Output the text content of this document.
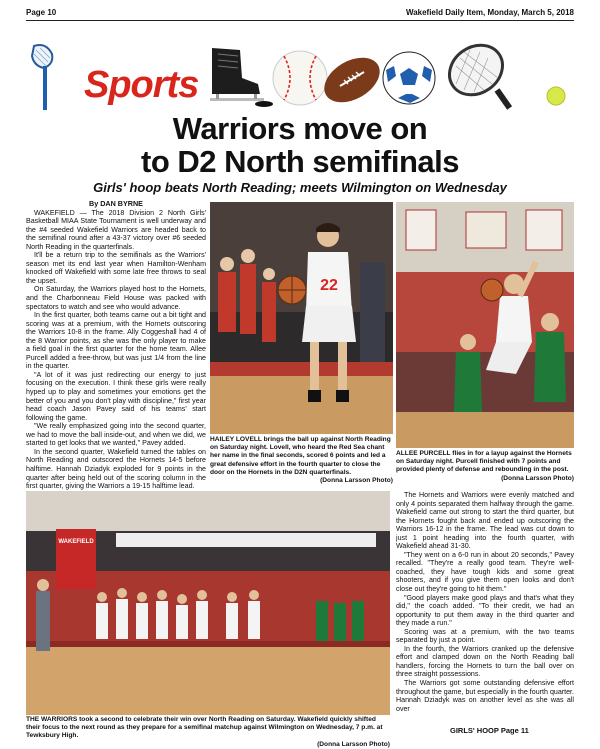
Page 10	Wakefield Daily Item, Monday, March 5, 2018
Sports
Warriors move on
to D2 North semifinals
Girls' hoop beats North Reading; meets Wilmington on Wednesday
By DAN BYRNE

WAKEFIELD — The 2018 Division 2 North Girls' Basketball MIAA State Tournament is well underway and the #4 seeded Wakefield Warriors are headed back to the semifinal round after a 43-37 victory over #6 seeded North Reading in the quarterfinals.

It'll be a return trip to the semifinals as the Warriors' season met its end last year when Hamilton-Wenham knocked off Wakefield with some late free throws to seal the upset.

On Saturday, the Warriors played host to the Hornets, and the Charbonneau Field House was packed with spectators to watch and see who would advance.

In the first quarter, both teams came out a bit tight and scoring was at a premium, with the Hornets outscoring the Warriors 10-8 in the frame. Ally Coggeshall had 4 of the 8 Warrior points, as she was the only player to make a field goal in the first quarter for the home team. Allee Purcell added a free-throw, but was just 1/4 from the line in the quarter.

"A lot of it was just redirecting our energy to just focusing on the execution. I think these girls were really hyped up to play and sometimes your emotions get the better of you and you don't play with discipline," first year head coach Jason Pavey said of his teams' start following the game.

"We really emphasized going into the second quarter, we had to move the ball inside-out, and when we did, we started to get looks that we wanted," Pavey added.

In the second quarter, Wakefield turned the tables on North Reading and outscored the Hornets 14-5 before halftime. Hannah Dziadyk exploded for 9 points in the quarter after being held out of the scoring column in the first quarter, giving the Warriors a 19-15 halftime lead.

22
HAILEY LOVELL brings the ball up against North Reading on Saturday night. Lovell, who heard the Red Sea chant her name in the final seconds, scored 6 points and led a great defensive effort in the fourth quarter to close the door on the Hornets in the D2N quarterfinals.
(Donna Larsson Photo)
ALLEE PURCELL flies in for a layup against the Hornets on Saturday night. Purcell finished with 7 points and provided plenty of defense and rebounding in the post.
(Donna Larsson Photo)
WAKEFIELD
THE WARRIORS took a second to celebrate their win over North Reading on Saturday. Wakefield quickly shifted their focus to the next round as they prepare for a semifinal matchup against Wilmington on Wednesday, 7 p.m. at Tewksbury High.
(Donna Larsson Photo)

The Hornets and Warriors were evenly matched and only 4 points separated them halfway through the game. Wakefield came out strong to start the third quarter, but the Hornets fought back and ended up outscoring the Warriors 16-12 in the frame. The lead was cut down to just 1 point heading into the fourth quarter, with Wakefield ahead 31-30.

"They went on a 6-0 run in about 20 seconds," Pavey recalled. "They're a really good team. They're well-coached, they have tough kids and some great shooters, and if you give them open looks and don't close out they're going to hit them."

"Good players make good plays and that's what they did," the coach added. "To their credit, we had an opportunity to put them away in the third quarter and they made a run."

Scoring was at a premium, with the two teams separated by just a point.

In the fourth, the Warriors cranked up the defensive effort and clamped down on the North Reading ball handlers, forcing the Hornets to turn the ball over on three straight possessions.

The Warriors got some outstanding defensive effort throughout the game, but especially in the fourth quarter. Hannah Dziadyk was on another level as she was all over

GIRLS' HOOP Page 11
